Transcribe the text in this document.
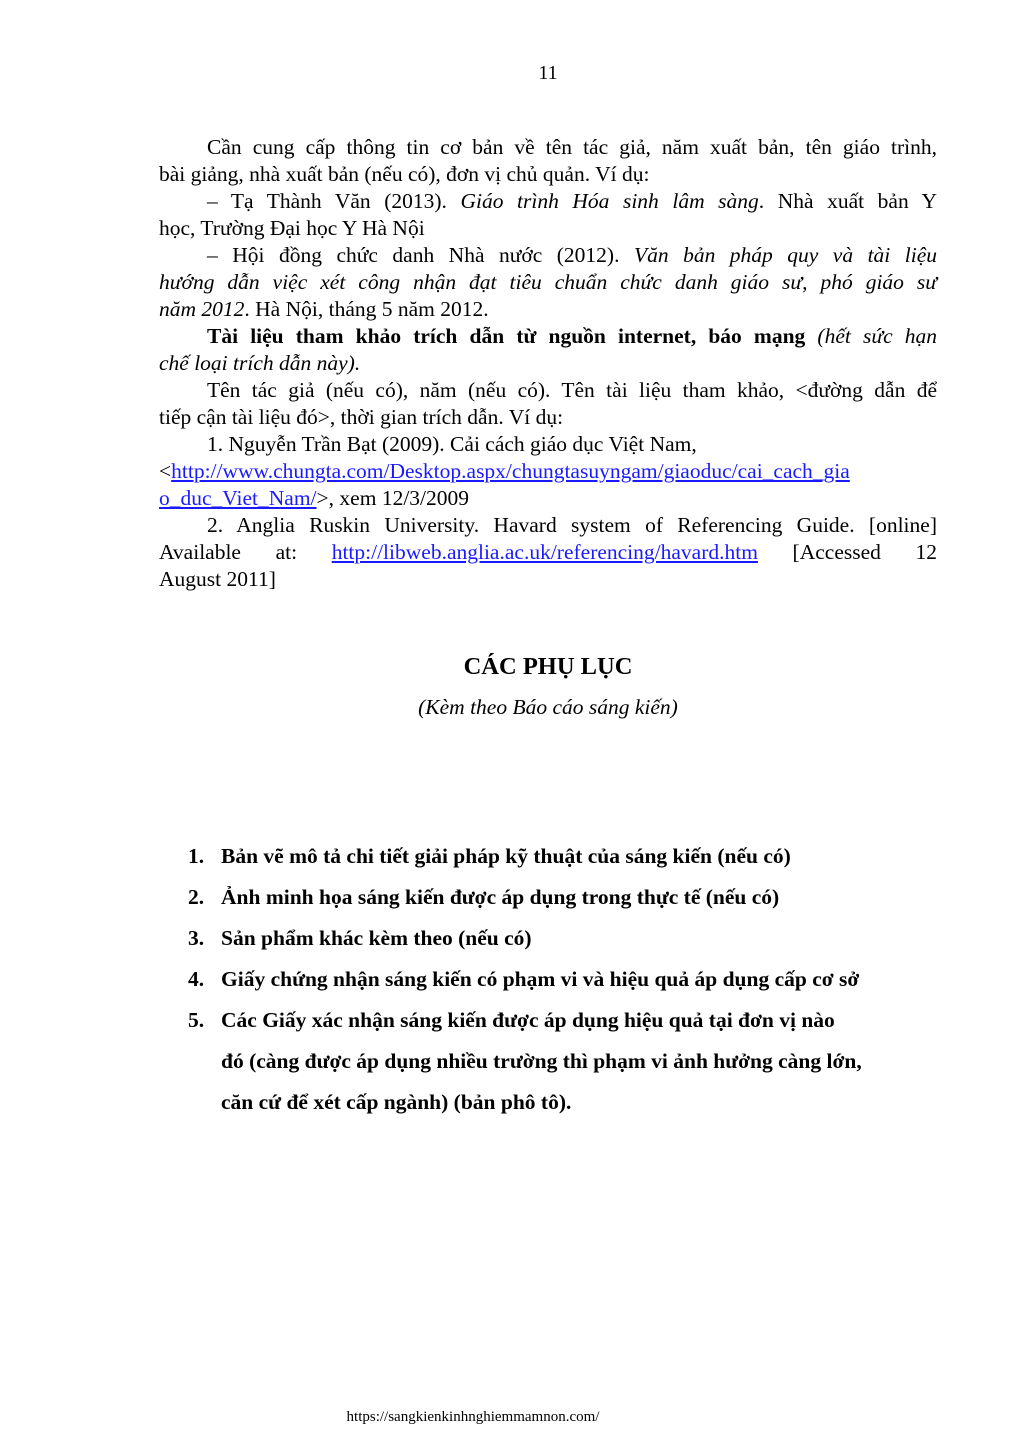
11

Cần cung cấp thông tin cơ bản về tên tác giả, năm xuất bản, tên giáo trình,

bài giảng, nhà xuất bản (nếu có), đơn vị chủ quản. Ví dụ:

– Tạ Thành Văn (2013). Giáo trình Hóa sinh lâm sàng. Nhà xuất bản Y

học, Trường Đại học Y Hà Nội

– Hội đồng chức danh Nhà nước (2012). Văn bản pháp quy và tài liệu

hướng dẫn việc xét công nhận đạt tiêu chuẩn chức danh giáo sư, phó giáo sư

năm 2012. Hà Nội, tháng 5 năm 2012.

Tài liệu tham khảo trích dẫn từ nguồn internet, báo mạng (hết sức hạn

chế loại trích dẫn này).

Tên tác giả (nếu có), năm (nếu có). Tên tài liệu tham khảo, <đường dẫn để

tiếp cận tài liệu đó>, thời gian trích dẫn. Ví dụ:

1. Nguyễn Trần Bạt (2009). Cải cách giáo dục Việt Nam,

<http://www.chungta.com/Desktop.aspx/chungtasuyngam/giaoduc/cai_cach_gia

o_duc_Viet_Nam/>, xem 12/3/2009

2. Anglia Ruskin University. Havard system of Referencing Guide. [online]

Available at: http://libweb.anglia.ac.uk/referencing/havard.htm [Accessed 12

August 2011]

CÁC PHỤ LỤC
(Kèm theo Báo cáo sáng kiến)
1. Bản vẽ mô tả chi tiết giải pháp kỹ thuật của sáng kiến (nếu có)
2. Ảnh minh họa sáng kiến được áp dụng trong thực tế (nếu có)
3. Sản phẩm khác kèm theo (nếu có)
4. Giấy chứng nhận sáng kiến có phạm vi và hiệu quả áp dụng cấp cơ sở
5. Các Giấy xác nhận sáng kiến được áp dụng hiệu quả tại đơn vị nào
đó (càng được áp dụng nhiều trường thì phạm vi ảnh hưởng càng lớn,
căn cứ để xét cấp ngành) (bản phô tô).
https://sangkienkinhnghiemmamnon.com/
